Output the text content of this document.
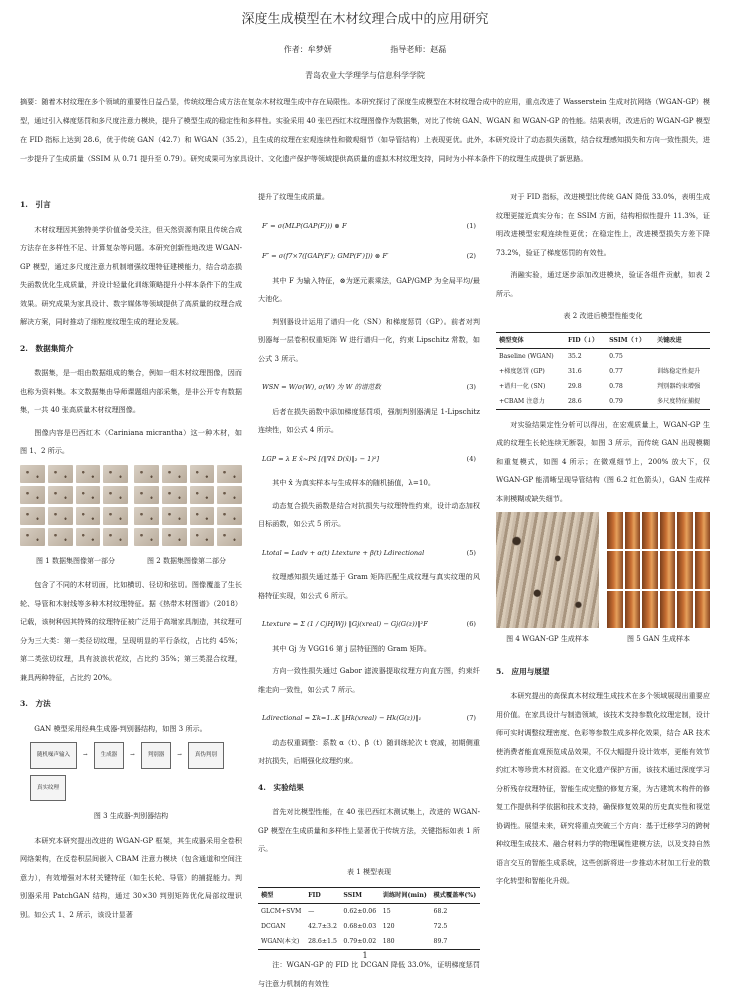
深度生成模型在木材纹理合成中的应用研究
作者：牟梦妍	指导老师：赵磊
青岛农业大学理学与信息科学学院
摘要：随着木材纹理在多个领域的重要性日益凸显，传统纹理合成方法在复杂木材纹理生成中存在局限性。本研究探讨了深度生成模型在木材纹理合成中的应用，重点改进了 Wasserstein 生成对抗网络（WGAN-GP）模型，通过引入梯度惩罚和多尺度注意力模块，提升了模型生成的稳定性和多样性。实验采用 40 张巴西红木纹理图像作为数据集，对比了传统 GAN、WGAN 和 WGAN-GP 的性能。结果表明，改进后的 WGAN-GP 模型在 FID 指标上达到 28.6，优于传统 GAN（42.7）和 WGAN（35.2），且生成的纹理在宏观连续性和微观细节（如导管结构）上表现更优。此外，本研究设计了动态损失函数，结合纹理感知损失和方向一致性损失，进一步提升了生成质量（SSIM 从 0.71 提升至 0.79）。研究成果可为家具设计、文化遗产保护等领域提供高质量的虚拟木材纹理支持，同时为小样本条件下的纹理生成提供了新思路。
1.　引言

木材纹理因其独特美学价值备受关注，但天然资源有限且传统合成方法存在多样性不足、计算复杂等问题。本研究创新性地改进 WGAN-GP 模型，通过多尺度注意力机制增强纹理特征建模能力，结合动态损失函数优化生成质量，并设计轻量化训练策略提升小样本条件下的生成效果。研究成果为家具设计、数字媒体等领域提供了高质量的纹理合成解决方案，同时推动了细粒度纹理生成的理论发展。

2.　数据集简介

数据集，是一组由数据组成的集合，例如一组木材纹理图像，因而也称为资料集。本文数据集由导师课题组内部采集，是非公开专有数据集，一共 40 张高质量木材纹理图像。

图像内容是巴西红木（Cariniana micrantha）这一种木材，如图 1、2 所示。

图 1 数据集图像第一部分	图 2 数据集图像第二部分

包含了不同的木材切面，比如横切、径切和弦切。图像覆盖了生长轮、导管和木射线等多种木材纹理特征。据《热带木材图谱》（2018）记载，该树种因其特殊的纹理特征被广泛用于高端家具制造，其纹理可分为三大类：第一类径切纹理，呈现明显的平行条纹，占比约 45%；第二类弦切纹理，具有波浪状花纹，占比约 35%；第三类混合纹理，兼具两种特征，占比约 20%。

3.　方法

GAN 模型采用经典生成器-判别器结构，如图 3 所示。

随机噪声输入	→	生成器	→	判别器	→	真伪判别
真实纹理
图 3 生成器-判别器结构

本研究本研究提出改进的 WGAN-GP 框架，其生成器采用全卷积网络架构，在反卷积层间嵌入 CBAM 注意力模块（包含通道和空间注意力），有效增强对木材关键特征（如生长轮、导管）的捕捉能力。判别器采用 PatchGAN 结构，通过 30×30 判别矩阵优化局部纹理识别。如公式 1、2 所示，该设计显著

提升了纹理生成质量。

F′ = σ(MLP(GAP(F))) ⊗ F	(1)
F″ = σ(f7×7([GAP(F′); GMP(F′)])) ⊗ F′	(2)

其中 F 为输入特征，⊗为逐元素乘法，GAP/GMP 为全局平均/最大池化。

判别器设计运用了谱归一化（SN）和梯度惩罚（GP）。前者对判别器每一层卷积权重矩阵 W 进行谱归一化，约束 Lipschitz 常数，如公式 3 所示。

WSN = W/σ(W), σ(W) 为 W 的谱范数	(3)

后者在损失函数中添加梯度惩罚项，强制判别器满足 1-Lipschitz 连续性，如公式 4 所示。

LGP = λ E x̂~Px̂ [(‖∇x̂ D(x̂)‖₂ − 1)²]	(4)

其中 x̂ 为真实样本与生成样本的随机插值，λ=10。

动态复合损失函数是结合对抗损失与纹理特性约束，设计动态加权目标函数，如公式 5 所示。

Ltotal = Ladv + α(t) Ltexture + β(t) Ldirectional	(5)

纹理感知损失通过基于 Gram 矩阵匹配生成纹理与真实纹理的风格特征实现，如公式 6 所示。

Ltexture = Σ (1 / CjHjWj) ‖Gj(xreal) − Gj(G(z))‖²F	(6)

其中 Gj 为 VGG16 第 j 层特征图的 Gram 矩阵。

方向一致性损失通过 Gabor 滤波器提取纹理方向直方图，约束纤维走向一致性，如公式 7 所示。

Ldirectional = Σk=1..K ‖Hk(xreal) − Hk(G(z))‖₁	(7)

动态权重调整：系数 α（t）、β（t）随训练轮次 t 衰减，初期侧重对抗损失，后期强化纹理约束。

4.　实验结果

首先对比模型性能，在 40 张巴西红木测试集上，改进的 WGAN-GP 模型在生成质量和多样性上显著优于传统方法，关键指标如表 1 所示。

表 1 模型表现
模型	FID	SSIM	训练时间(min)	模式覆盖率(%)
GLCM+SVM	—	0.62±0.06	15	68.2
DCGAN	42.7±3.2	0.68±0.03	120	72.5
WGAN(本文)	28.6±1.5	0.79±0.02	180	89.7

注：WGAN-GP 的 FID 比 DCGAN 降低 33.0%，证明梯度惩罚与注意力机制的有效性

对于 FID 指标，改进模型比传统 GAN 降低 33.0%，表明生成纹理更接近真实分布；在 SSIM 方面，结构相似性提升 11.3%，证明改进模型宏观连续性更优；在稳定性上，改进模型损失方差下降 73.2%，验证了梯度惩罚的有效性。

消融实验，通过逐步添加改进模块，验证各组件贡献，如表 2 所示。

表 2 改进后模型性能变化
模型变体	FID（↓）	SSIM（↑）	关键改进
Baseline (WGAN)	35.2	0.75	
+梯度惩罚 (GP)	31.6	0.77	训练稳定性提升
+谱归一化 (SN)	29.8	0.78	判别器约束增强
+CBAM 注意力	28.6	0.79	多尺度特征捕捉

对实验结果定性分析可以得出，在宏观质量上，WGAN-GP 生成的纹理生长轮连续无断裂，如图 3 所示，而传统 GAN 出现模糊和重复模式，如图 4 所示；在微观细节上，200% 放大下，仅 WGAN-GP 能清晰呈现导管结构（图 6.2 红色箭头），GAN 生成样本则模糊或缺失细节。

图 4 WGAN-GP 生成样本	图 5 GAN 生成样本
5.　应用与展望

本研究提出的高保真木材纹理生成技术在多个领域展现出重要应用价值。在家具设计与制造领域，该技术支持参数化纹理定制，设计师可实时调整纹理密度、色彩等参数生成多样化效果，结合 AR 技术使消费者能直观预览成品效果，不仅大幅提升设计效率，更能有效节约红木等珍贵木材资源。在文化遗产保护方面，该技术通过深度学习分析残存纹理特征，智能生成完整的修复方案，为古建筑木构件的修复工作提供科学依据和技术支持，确保修复效果的历史真实性和视觉协调性。展望未来，研究将重点突破三个方向：基于迁移学习的跨树种纹理生成技术、融合材料力学的物理属性建模方法，以及支持自然语言交互的智能生成系统，这些创新将进一步推动木材加工行业的数字化转型和智能化升级。

1
